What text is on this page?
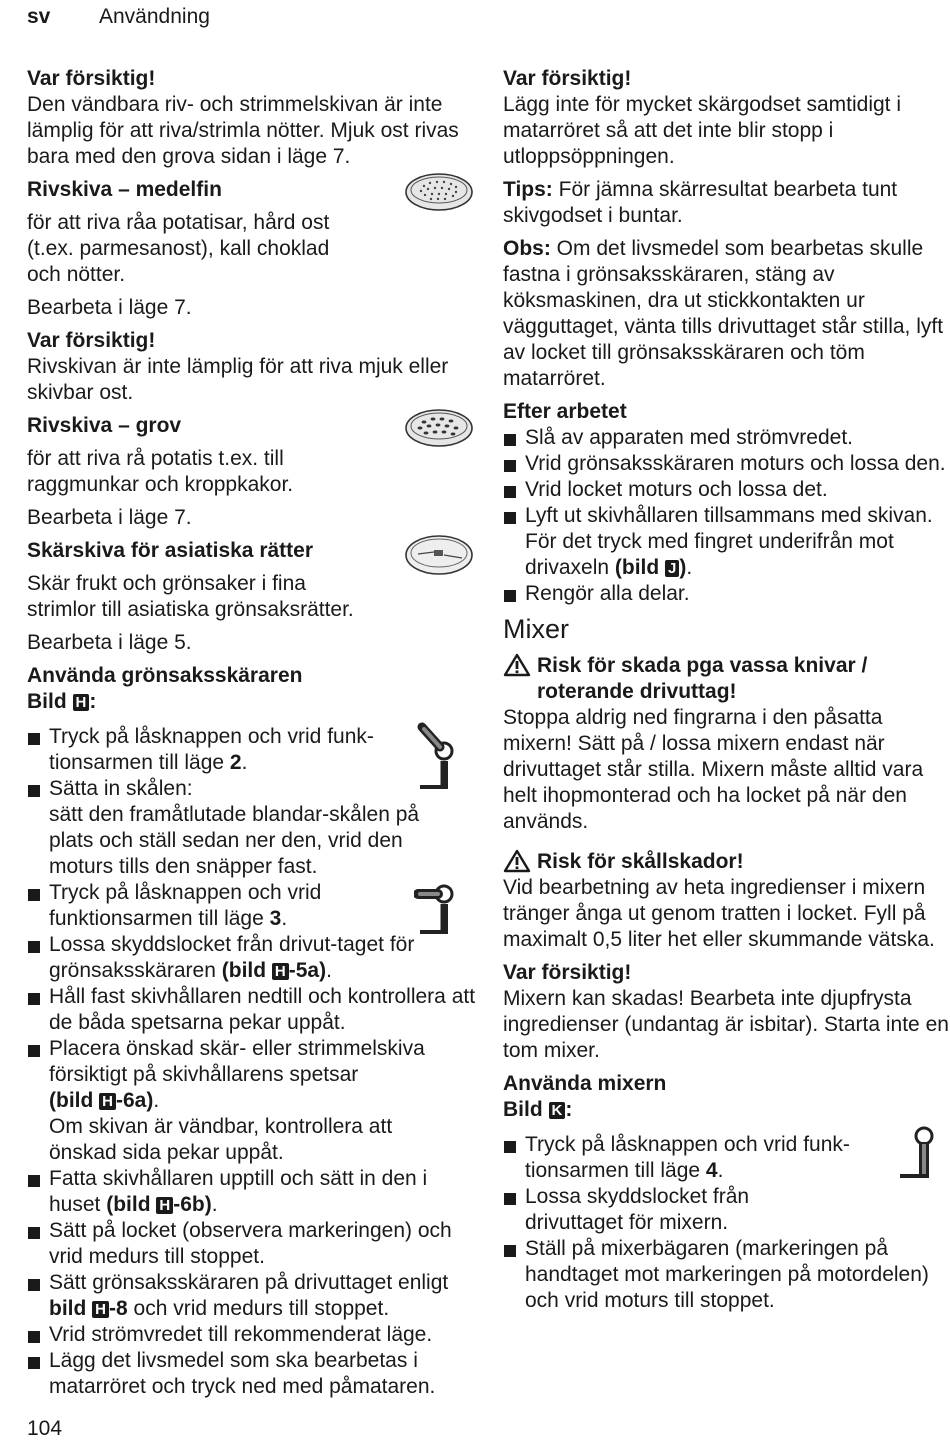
sv Användning
Var försiktig!

Den vändbara riv- och strimmelskivan är inte lämplig för att riva/strimla nötter. Mjuk ost rivas bara med den grova sidan i läge 7.

Rivskiva – medelfin

för att riva råa potatisar, hård ost (t.ex. parmesanost), kall choklad och nötter.

Bearbeta i läge 7.

Var försiktig!

Rivskivan är inte lämplig för att riva mjuk eller skivbar ost.

Rivskiva – grov

för att riva rå potatis t.ex. till raggmunkar och kroppkakor.

Bearbeta i läge 7.

Skärskiva för asiatiska rätter

Skär frukt och grönsaker i fina strimlor till asiatiska grönsaksrätter.

Bearbeta i läge 5.

Använda grönsaksskäraren
Bild H :
Tryck på låsknappen och vrid funk-tionsarmen till läge 2.
Sätta in skålen:

sätt den framåtlutade blandar-skålen på plats och ställ sedan ner den, vrid den moturs tills den snäpper fast.
Tryck på låsknappen och vrid funktionsarmen till läge 3.
Lossa skyddslocket från drivut-taget för grönsaksskäraren (bild H -5a).
Håll fast skivhållaren nedtill och kontrollera att de båda spetsarna pekar uppåt.
Placera önskad skär- eller strimmelskiva försiktigt på skivhållarens spetsar
(bild H -6a).

Om skivan är vändbar, kontrollera att önskad sida pekar uppåt.
Fatta skivhållaren upptill och sätt in den i huset (bild H -6b).
Sätt på locket (observera markeringen) och vrid medurs till stoppet.
Sätt grönsaksskäraren på drivuttaget enligt bild H -8 och vrid medurs till stoppet.
Vrid strömvredet till rekommenderat läge.
Lägg det livsmedel som ska bearbetas i matarröret och tryck ned med påmataren.
Var försiktig!

Lägg inte för mycket skärgodset samtidigt i matarröret så att det inte blir stopp i utloppsöppningen.

Tips: För jämna skärresultat bearbeta tunt skivgodset i buntar.

Obs: Om det livsmedel som bearbetas skulle fastna i grönsaksskäraren, stäng av köksmaskinen, dra ut stickkontakten ur vägguttaget, vänta tills drivuttaget står stilla, lyft av locket till grönsaksskäraren och töm matarröret.

Efter arbetet
Slå av apparaten med strömvredet.
Vrid grönsaksskäraren moturs och lossa den.
Vrid locket moturs och lossa det.
Lyft ut skivhållaren tillsammans med skivan. För det tryck med fingret underifrån mot drivaxeln (bild J ).
Rengör alla delar.
Mixer
Risk för skada pga vassa knivar / roterande drivuttag!

Stoppa aldrig ned fingrarna i den påsatta mixern! Sätt på / lossa mixern endast när drivuttaget står stilla. Mixern måste alltid vara helt ihopmonterad och ha locket på när den används.

Risk för skållskador!

Vid bearbetning av heta ingredienser i mixern tränger ånga ut genom tratten i locket. Fyll på maximalt 0,5 liter het eller skummande vätska.

Var försiktig!

Mixern kan skadas! Bearbeta inte djupfrysta ingredienser (undantag är isbitar). Starta inte en tom mixer.

Använda mixern
Bild K :
Tryck på låsknappen och vrid funk-tionsarmen till läge 4.
Lossa skyddslocket från drivuttaget för mixern.
Ställ på mixerbägaren (markeringen på handtaget mot markeringen på motordelen) och vrid moturs till stoppet.
104
